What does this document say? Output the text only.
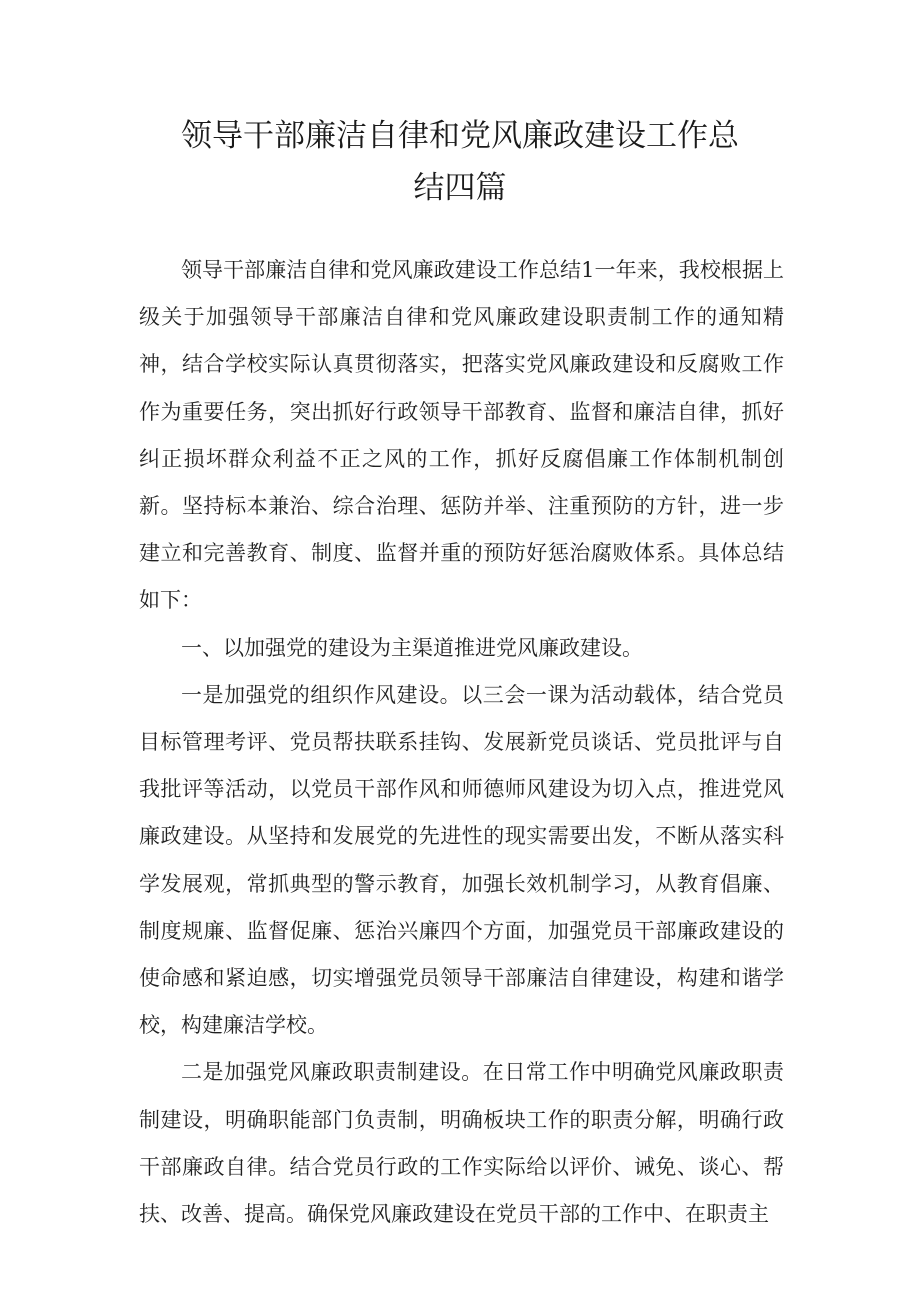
领导干部廉洁自律和党风廉政建设工作总
结四篇

领导干部廉洁自律和党风廉政建设工作总结1一年来，我校根据上级关于加强领导干部廉洁自律和党风廉政建设职责制工作的通知精神，结合学校实际认真贯彻落实，把落实党风廉政建设和反腐败工作作为重要任务，突出抓好行政领导干部教育、监督和廉洁自律，抓好纠正损坏群众利益不正之风的工作，抓好反腐倡廉工作体制机制创新。坚持标本兼治、综合治理、惩防并举、注重预防的方针，进一步建立和完善教育、制度、监督并重的预防好惩治腐败体系。具体总结如下：

一、以加强党的建设为主渠道推进党风廉政建设。

一是加强党的组织作风建设。以三会一课为活动载体，结合党员目标管理考评、党员帮扶联系挂钩、发展新党员谈话、党员批评与自我批评等活动，以党员干部作风和师德师风建设为切入点，推进党风廉政建设。从坚持和发展党的先进性的现实需要出发，不断从落实科学发展观，常抓典型的警示教育，加强长效机制学习，从教育倡廉、制度规廉、监督促廉、惩治兴廉四个方面，加强党员干部廉政建设的使命感和紧迫感，切实增强党员领导干部廉洁自律建设，构建和谐学校，构建廉洁学校。

二是加强党风廉政职责制建设。在日常工作中明确党风廉政职责制建设，明确职能部门负责制，明确板块工作的职责分解，明确行政干部廉政自律。结合党员行政的工作实际给以评价、诫免、谈心、帮扶、改善、提高。确保党风廉政建设在党员干部的工作中、在职责主
